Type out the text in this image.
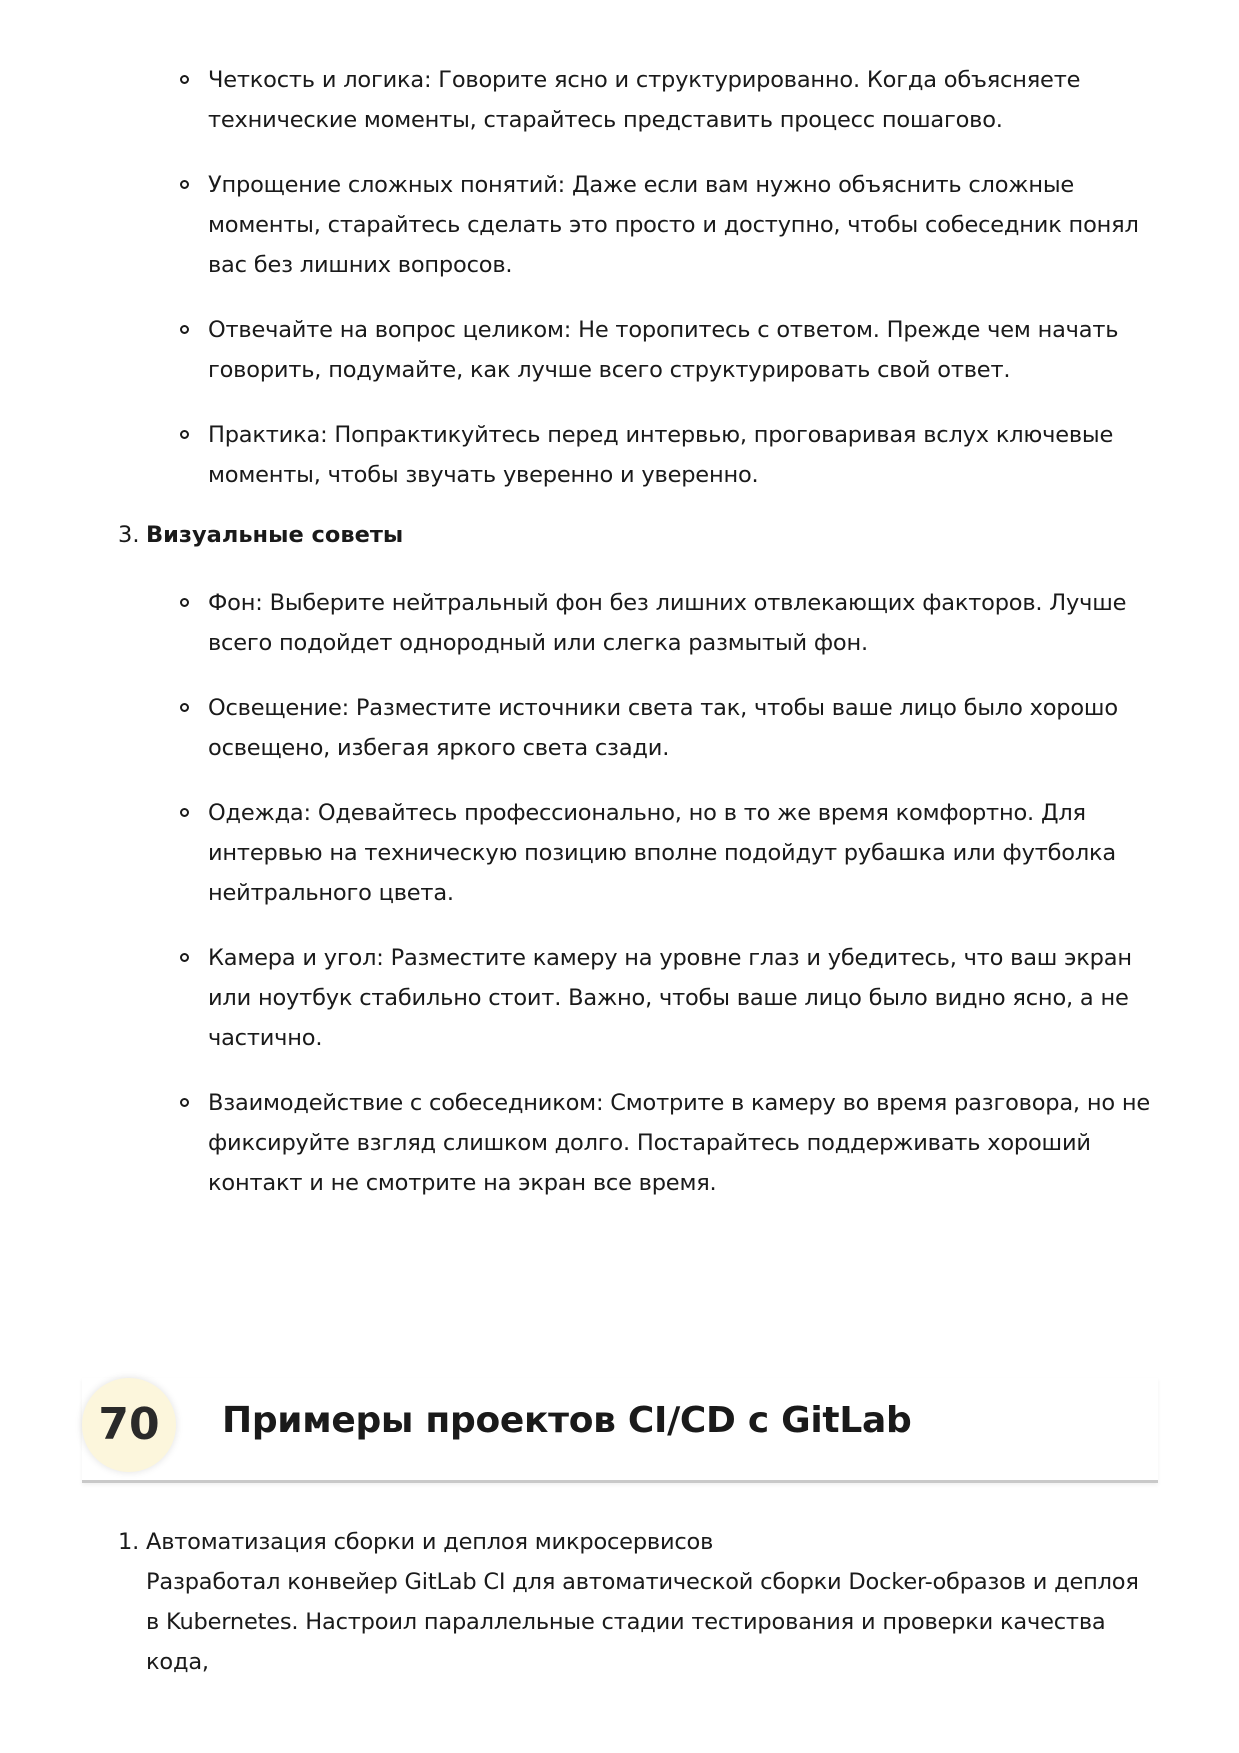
Четкость и логика: Говорите ясно и структурированно. Когда объясняете технические моменты, старайтесь представить процесс пошагово.
Упрощение сложных понятий: Даже если вам нужно объяснить сложные моменты, старайтесь сделать это просто и доступно, чтобы собеседник понял вас без лишних вопросов.
Отвечайте на вопрос целиком: Не торопитесь с ответом. Прежде чем начать говорить, подумайте, как лучше всего структурировать свой ответ.
Практика: Попрактикуйтесь перед интервью, проговаривая вслух ключевые моменты, чтобы звучать уверенно и уверенно.
3. Визуальные советы
Фон: Выберите нейтральный фон без лишних отвлекающих факторов. Лучше всего подойдет однородный или слегка размытый фон.
Освещение: Разместите источники света так, чтобы ваше лицо было хорошо освещено, избегая яркого света сзади.
Одежда: Одевайтесь профессионально, но в то же время комфортно. Для интервью на техническую позицию вполне подойдут рубашка или футболка нейтрального цвета.
Камера и угол: Разместите камеру на уровне глаз и убедитесь, что ваш экран или ноутбук стабильно стоит. Важно, чтобы ваше лицо было видно ясно, а не частично.
Взаимодействие с собеседником: Смотрите в камеру во время разговора, но не фиксируйте взгляд слишком долго. Постарайтесь поддерживать хороший контакт и не смотрите на экран все время.
70	Примеры проектов CI/CD с GitLab
1. Автоматизация сборки и деплоя микросервисов
Разработал конвейер GitLab CI для автоматической сборки Docker-образов и деплоя в Kubernetes. Настроил параллельные стадии тестирования и проверки качества кода,
